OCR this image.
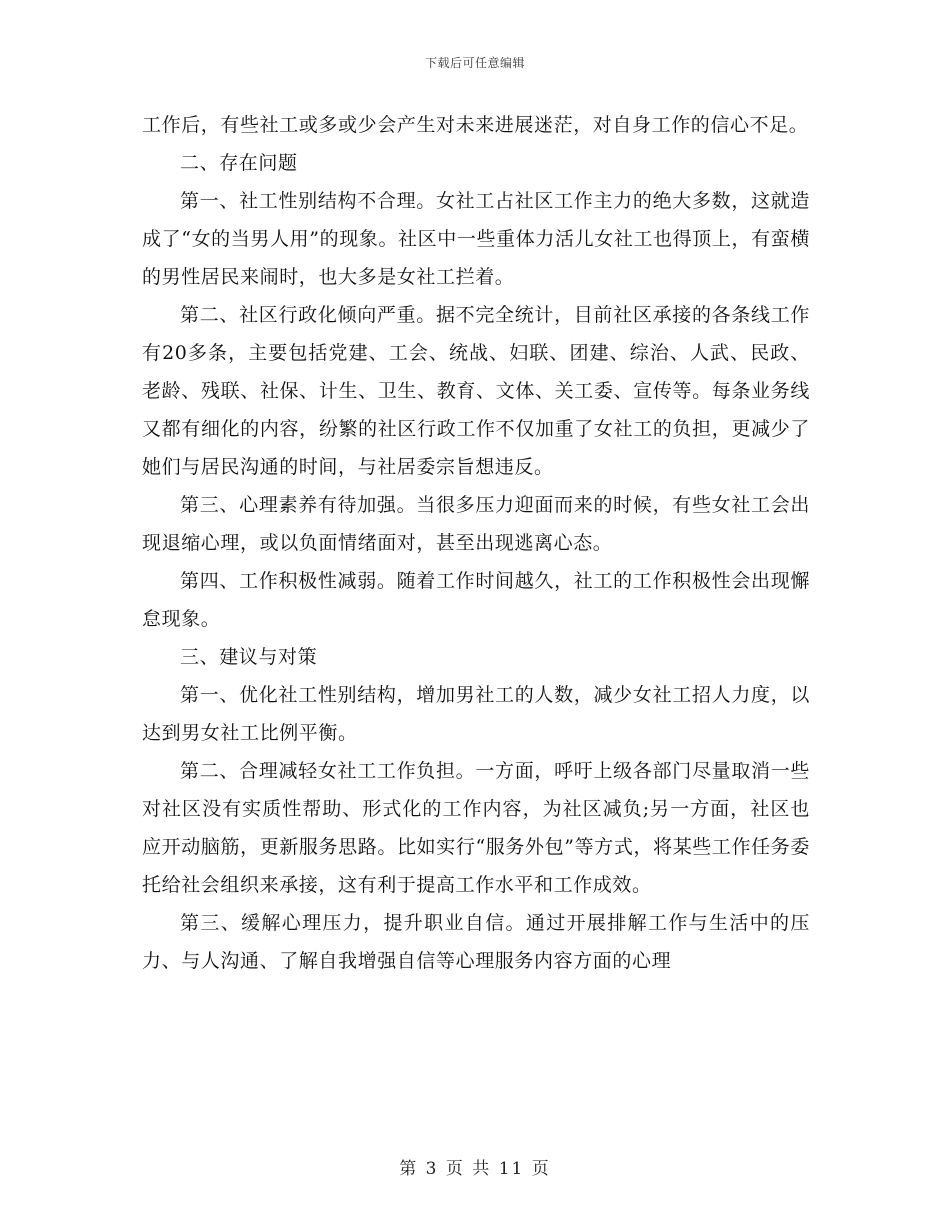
下载后可任意编辑

工作后，有些社工或多或少会产生对未来进展迷茫，对自身工作的信心不足。

二、存在问题

第一、社工性别结构不合理。女社工占社区工作主力的绝大多数，这就造成了“女的当男人用”的现象。社区中一些重体力活儿女社工也得顶上，有蛮横的男性居民来闹时，也大多是女社工拦着。

第二、社区行政化倾向严重。据不完全统计，目前社区承接的各条线工作有20多条，主要包括党建、工会、统战、妇联、团建、综治、人武、民政、老龄、残联、社保、计生、卫生、教育、文体、关工委、宣传等。每条业务线又都有细化的内容，纷繁的社区行政工作不仅加重了女社工的负担，更减少了她们与居民沟通的时间，与社居委宗旨想违反。

第三、心理素养有待加强。当很多压力迎面而来的时候，有些女社工会出现退缩心理，或以负面情绪面对，甚至出现逃离心态。

第四、工作积极性减弱。随着工作时间越久，社工的工作积极性会出现懈怠现象。

三、建议与对策

第一、优化社工性别结构，增加男社工的人数，减少女社工招人力度，以达到男女社工比例平衡。

第二、合理减轻女社工工作负担。一方面，呼吁上级各部门尽量取消一些对社区没有实质性帮助、形式化的工作内容，为社区减负;另一方面，社区也应开动脑筋，更新服务思路。比如实行“服务外包”等方式，将某些工作任务委托给社会组织来承接，这有利于提高工作水平和工作成效。

第三、缓解心理压力，提升职业自信。通过开展排解工作与生活中的压力、与人沟通、了解自我增强自信等心理服务内容方面的心理

第 3 页 共 11 页
